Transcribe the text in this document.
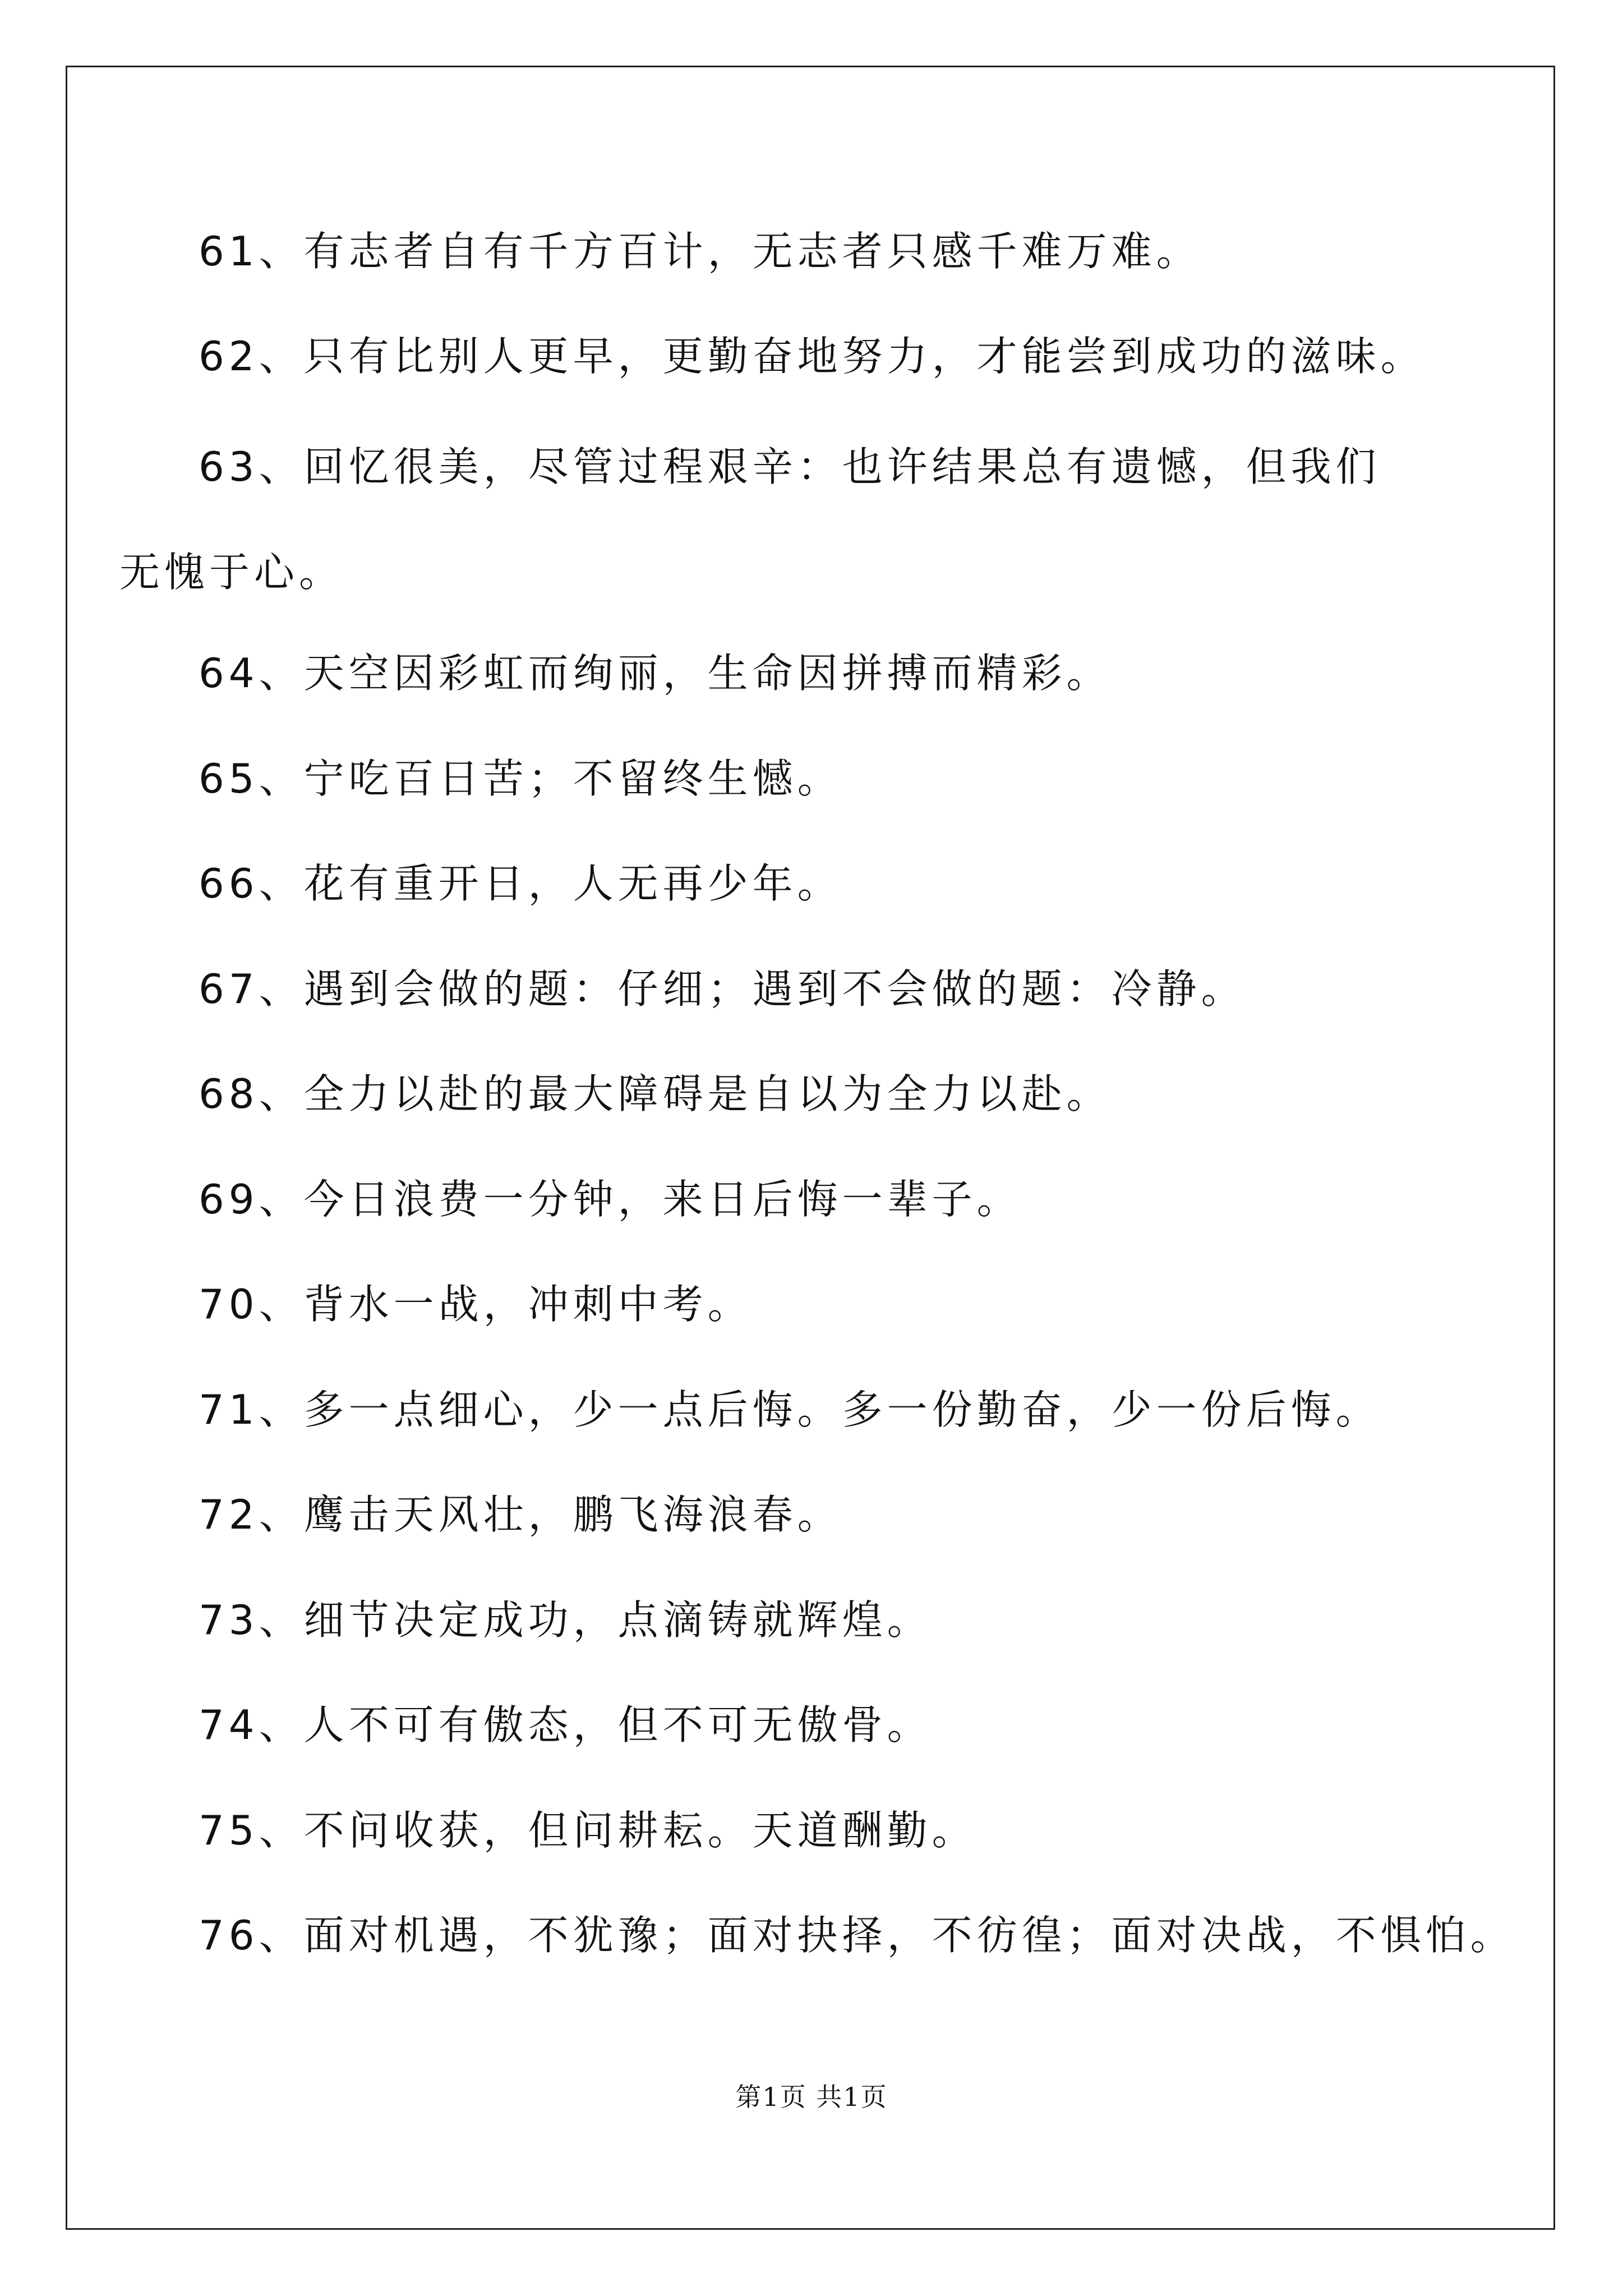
61、有志者自有千方百计，无志者只感千难万难。
62、只有比别人更早，更勤奋地努力，才能尝到成功的滋味。
63、回忆很美，尽管过程艰辛：也许结果总有遗憾，但我们无愧于心。
64、天空因彩虹而绚丽，生命因拼搏而精彩。
65、宁吃百日苦；不留终生憾。
66、花有重开日，人无再少年。
67、遇到会做的题：仔细；遇到不会做的题：冷静。
68、全力以赴的最大障碍是自以为全力以赴。
69、今日浪费一分钟，来日后悔一辈子。
70、背水一战，冲刺中考。
71、多一点细心，少一点后悔。多一份勤奋，少一份后悔。
72、鹰击天风壮，鹏飞海浪春。
73、细节决定成功，点滴铸就辉煌。
74、人不可有傲态，但不可无傲骨。
75、不问收获，但问耕耘。天道酬勤。
76、面对机遇，不犹豫；面对抉择，不彷徨；面对决战，不惧怕。
第1页 共1页
